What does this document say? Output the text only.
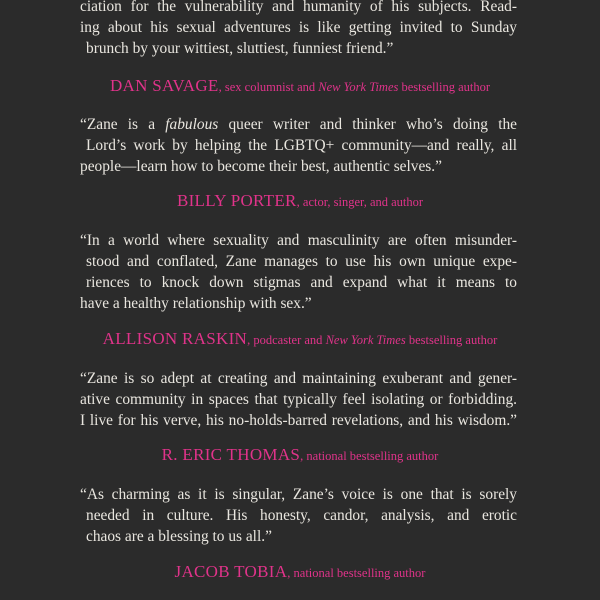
ciation for the vulnerability and humanity of his subjects. Read-
ing about his sexual adventures is like getting invited to Sunday
brunch by your wittiest, sluttiest, funniest friend.”

DAN SAVAGE, sex columnist and New York Times bestselling author

“Zane is a fabulous queer writer and thinker who’s doing the
Lord’s work by helping the LGBTQ+ community—and really, all
people—learn how to become their best, authentic selves.”

BILLY PORTER, actor, singer, and author

“In a world where sexuality and masculinity are often misunder-
stood and conflated, Zane manages to use his own unique expe-
riences to knock down stigmas and expand what it means to
have a healthy relationship with sex.”

ALLISON RASKIN, podcaster and New York Times bestselling author

“Zane is so adept at creating and maintaining exuberant and gener-
ative community in spaces that typically feel isolating or forbidding.
I live for his verve, his no-holds-barred revelations, and his wisdom.”

R. ERIC THOMAS, national bestselling author

“As charming as it is singular, Zane’s voice is one that is sorely
needed in culture. His honesty, candor, analysis, and erotic
chaos are a blessing to us all.”

JACOB TOBIA, national bestselling author
